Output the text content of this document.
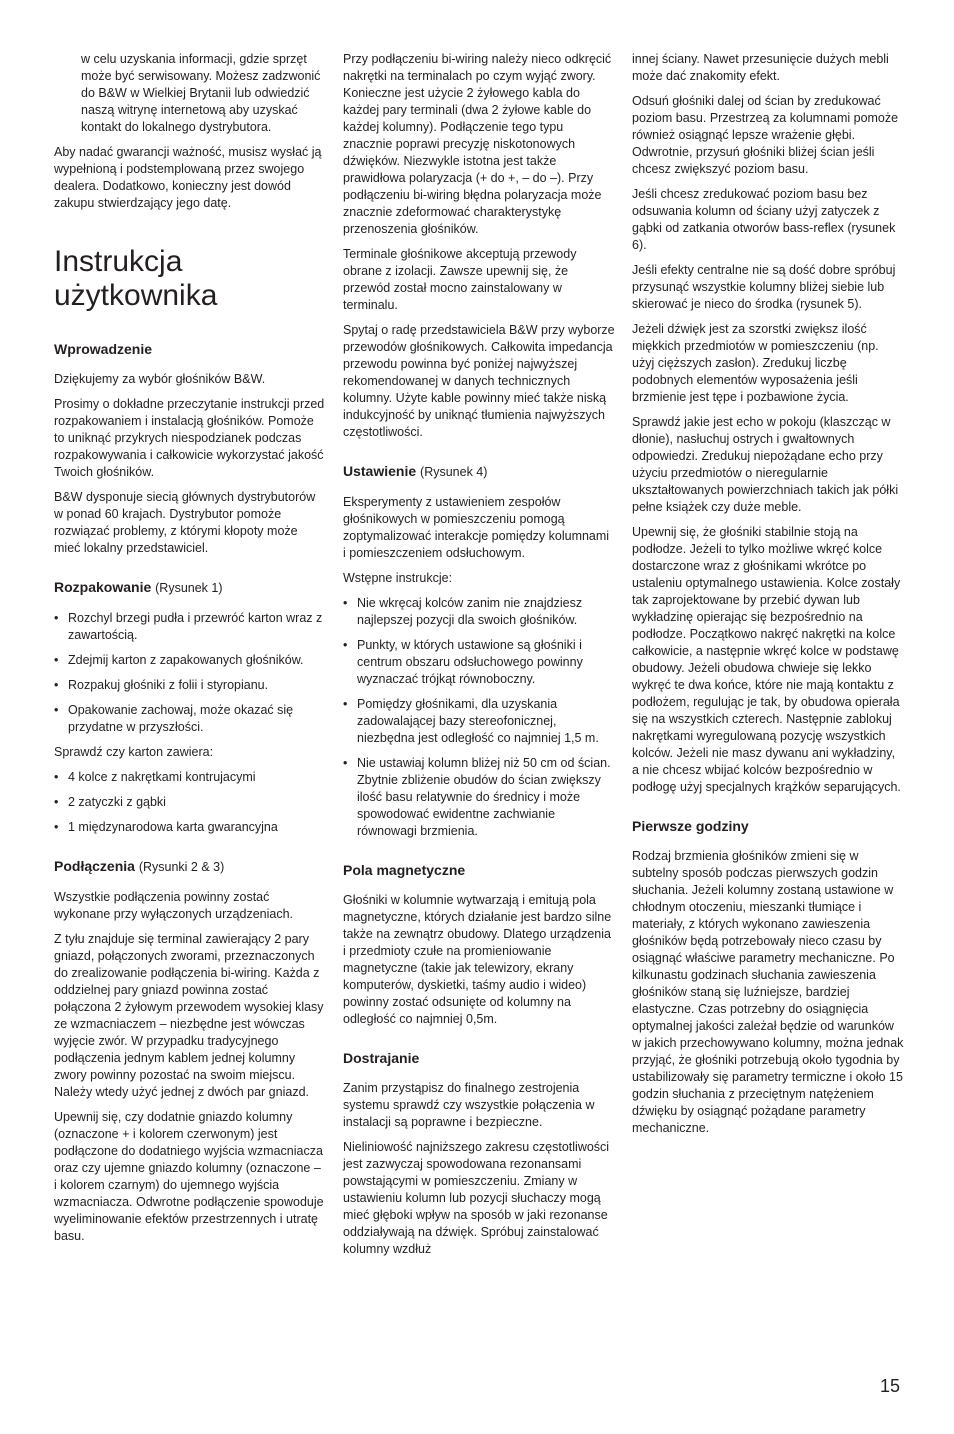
w celu uzyskania informacji, gdzie sprzęt może być serwisowany. Możesz zadzwonić do B&W w Wielkiej Brytanii lub odwiedzić naszą witrynę internetową aby uzyskać kontakt do lokalnego dystrybutora.

Aby nadać gwarancji ważność, musisz wysłać ją wypełnioną i podstemplowaną przez swojego dealera. Dodatkowo, konieczny jest dowód zakupu stwierdzający jego datę.

Instrukcja użytkownika
Wprowadzenie

Dziękujemy za wybór głośników B&W.

Prosimy o dokładne przeczytanie instrukcji przed rozpakowaniem i instalacją głośników. Pomoże to uniknąć przykrych niespodzianek podczas rozpakowywania i całkowicie wykorzystać jakość Twoich głośników.

B&W dysponuje siecią głównych dystrybutorów w ponad 60 krajach. Dystrybutor pomoże rozwiązać problemy, z którymi kłopoty może mieć lokalny przedstawiciel.

Rozpakowanie (Rysunek 1)
• Rozchyl brzegi pudła i przewróć karton wraz z zawartością.
• Zdejmij karton z zapakowanych głośników.
• Rozpakuj głośniki z folii i styropianu.
• Opakowanie zachowaj, może okazać się przydatne w przyszłości.

Sprawdź czy karton zawiera:

• 4 kolce z nakrętkami kontrujacymi
• 2 zatyczki z gąbki
• 1 międzynarodowa karta gwarancyjna
Podłączenia (Rysunki 2 & 3)

Wszystkie podłączenia powinny zostać wykonane przy wyłączonych urządzeniach.

Z tyłu znajduje się terminal zawierający 2 pary gniazd, połączonych zworami, przeznaczonych do zrealizowanie podłączenia bi-wiring. Każda z oddzielnej pary gniazd powinna zostać połączona 2 żyłowym przewodem wysokiej klasy ze wzmacniaczem – niezbędne jest wówczas wyjęcie zwór. W przypadku tradycyjnego podłączenia jednym kablem jednej kolumny zwory powinny pozostać na swoim miejscu. Należy wtedy użyć jednej z dwóch par gniazd.

Upewnij się, czy dodatnie gniazdo kolumny (oznaczone + i kolorem czerwonym) jest podłączone do dodatniego wyjścia wzmacniacza oraz czy ujemne gniazdo kolumny (oznaczone – i kolorem czarnym) do ujemnego wyjścia wzmacniacza. Odwrotne podłączenie spowoduje wyeliminowanie efektów przestrzennych i utratę basu.

Przy podłączeniu bi-wiring należy nieco odkręcić nakrętki na terminalach po czym wyjąć zwory. Konieczne jest użycie 2 żyłowego kabla do każdej pary terminali (dwa 2 żyłowe kable do każdej kolumny). Podłączenie tego typu znacznie poprawi precyzję niskotonowych dźwięków. Niezwykle istotna jest także prawidłowa polaryzacja (+ do +, – do –). Przy podłączeniu bi-wiring błędna polaryzacja może znacznie zdeformować charakterystykę przenoszenia głośników.

Terminale głośnikowe akceptują przewody obrane z izolacji. Zawsze upewnij się, że przewód został mocno zainstalowany w terminalu.

Spytaj o radę przedstawiciela B&W przy wyborze przewodów głośnikowych. Całkowita impedancja przewodu powinna być poniżej najwyższej rekomendowanej w danych technicznych kolumny. Użyte kable powinny mieć także niską indukcyjność by uniknąć tłumienia najwyższych częstotliwości.

Ustawienie (Rysunek 4)

Eksperymenty z ustawieniem zespołów głośnikowych w pomieszczeniu pomogą zoptymalizować interakcje pomiędzy kolumnami i pomieszczeniem odsłuchowym.

Wstępne instrukcje:

• Nie wkręcaj kolców zanim nie znajdziesz najlepszej pozycji dla swoich głośników.
• Punkty, w których ustawione są głośniki i centrum obszaru odsłuchowego powinny wyznaczać trójkąt równoboczny.
• Pomiędzy głośnikami, dla uzyskania zadowalającej bazy stereofonicznej, niezbędna jest odległość co najmniej 1,5 m.
• Nie ustawiaj kolumn bliżej niż 50 cm od ścian. Zbytnie zbliżenie obudów do ścian zwiększy ilość basu relatywnie do średnicy i może spowodować ewidentne zachwianie równowagi brzmienia.
Pola magnetyczne

Głośniki w kolumnie wytwarzają i emitują pola magnetyczne, których działanie jest bardzo silne także na zewnątrz obudowy. Dlatego urządzenia i przedmioty czułe na promieniowanie magnetyczne (takie jak telewizory, ekrany komputerów, dyskietki, taśmy audio i wideo) powinny zostać odsunięte od kolumny na odległość co najmniej 0,5m.

Dostrajanie

Zanim przystąpisz do finalnego zestrojenia systemu sprawdź czy wszystkie połączenia w instalacji są poprawne i bezpieczne.

Nieliniowość najniższego zakresu częstotliwości jest zazwyczaj spowodowana rezonansami powstającymi w pomieszczeniu. Zmiany w ustawieniu kolumn lub pozycji słuchaczy mogą mieć głęboki wpływ na sposób w jaki rezonanse oddziaływają na dźwięk. Spróbuj zainstalować kolumny wzdłuż

innej ściany. Nawet przesunięcie dużych mebli może dać znakomity efekt.

Odsuń głośniki dalej od ścian by zredukować poziom basu. Przestrzeą za kolumnami pomoże również osiągnąć lepsze wrażenie głębi. Odwrotnie, przysuń głośniki bliżej ścian jeśli chcesz zwiększyć poziom basu.

Jeśli chcesz zredukować poziom basu bez odsuwania kolumn od ściany użyj zatyczek z gąbki od zatkania otworów bass-reflex (rysunek 6).

Jeśli efekty centralne nie są dość dobre spróbuj przysunąć wszystkie kolumny bliżej siebie lub skierować je nieco do środka (rysunek 5).

Jeżeli dźwięk jest za szorstki zwiększ ilość miękkich przedmiotów w pomieszczeniu (np. użyj cięższych zasłon). Zredukuj liczbę podobnych elementów wyposażenia jeśli brzmienie jest tępe i pozbawione życia.

Sprawdź jakie jest echo w pokoju (klaszcząc w dłonie), nasłuchuj ostrych i gwałtownych odpowiedzi. Zredukuj niepożądane echo przy użyciu przedmiotów o nieregularnie ukształtowanych powierzchniach takich jak półki pełne książek czy duże meble.

Upewnij się, że głośniki stabilnie stoją na podłodze. Jeżeli to tylko możliwe wkręć kolce dostarczone wraz z głośnikami wkrótce po ustaleniu optymalnego ustawienia. Kolce zostały tak zaprojektowane by przebić dywan lub wykładzinę opierając się bezpośrednio na podłodze. Początkowo nakręć nakrętki na kolce całkowicie, a następnie wkręć kolce w podstawę obudowy. Jeżeli obudowa chwieje się lekko wykręć te dwa końce, które nie mają kontaktu z podłożem, regulując je tak, by obudowa opierała się na wszystkich czterech. Następnie zablokuj nakrętkami wyregulowaną pozycję wszystkich kolców. Jeżeli nie masz dywanu ani wykładziny, a nie chcesz wbijać kolców bezpośrednio w podłogę użyj specjalnych krążków separujących.

Pierwsze godziny

Rodzaj brzmienia głośników zmieni się w subtelny sposób podczas pierwszych godzin słuchania. Jeżeli kolumny zostaną ustawione w chłodnym otoczeniu, mieszanki tłumiące i materiały, z których wykonano zawieszenia głośników będą potrzebowały nieco czasu by osiągnąć właściwe parametry mechaniczne. Po kilkunastu godzinach słuchania zawieszenia głośników staną się luźniejsze, bardziej elastyczne. Czas potrzebny do osiągnięcia optymalnej jakości zależał będzie od warunków w jakich przechowywano kolumny, można jednak przyjąć, że głośniki potrzebują około tygodnia by ustabilizowały się parametry termiczne i około 15 godzin słuchania z przeciętnym natężeniem dźwięku by osiągnąć pożądane parametry mechaniczne.

15
